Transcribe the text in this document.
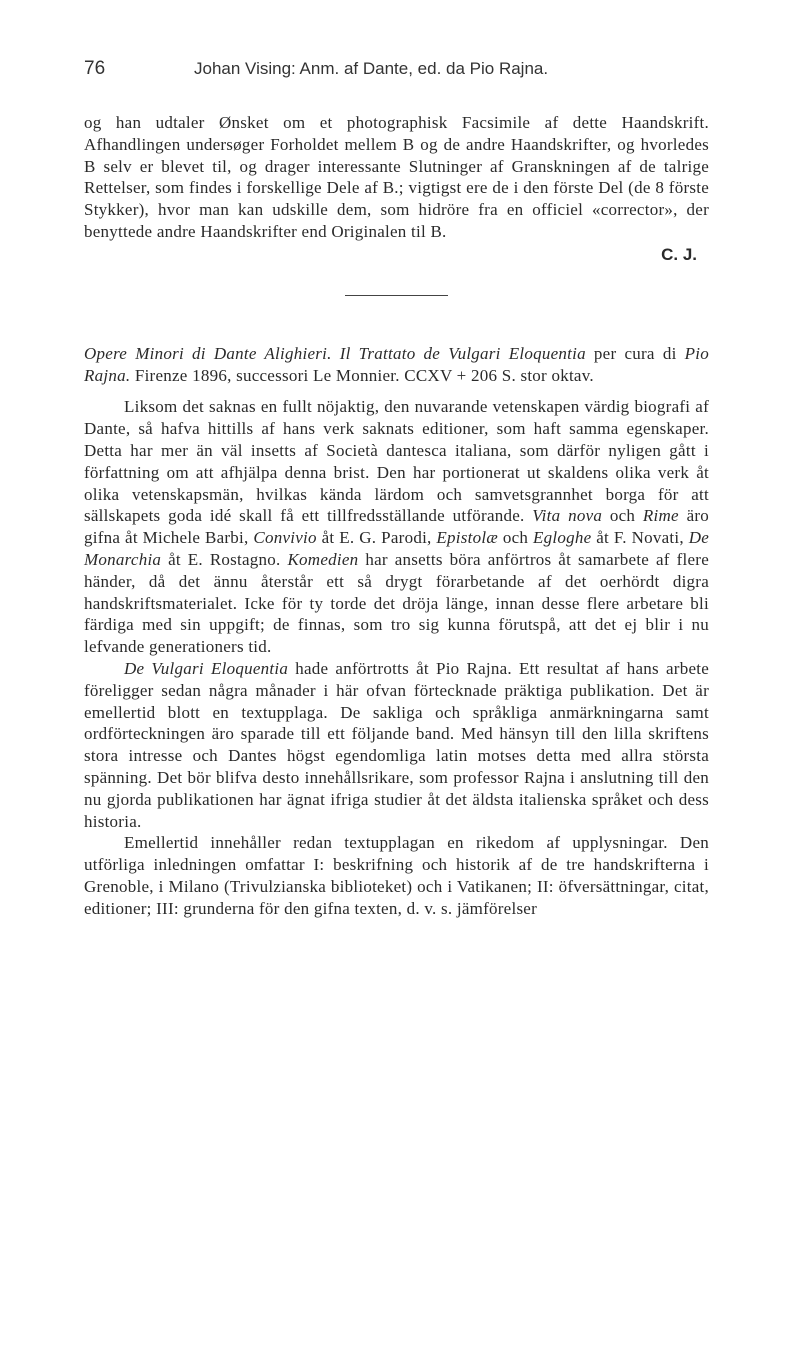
76	Johan Vising: Anm. af Dante, ed. da Pio Rajna.

og han udtaler Ønsket om et photographisk Facsimile af dette Haandskrift. Afhandlingen undersøger Forholdet mellem B og de andre Haandskrifter, og hvorledes B selv er blevet til, og drager interessante Slutninger af Granskningen af de talrige Rettelser, som findes i forskellige Dele af B.; vigtigst ere de i den förste Del (de 8 förste Stykker), hvor man kan udskille dem, som hidröre fra en officiel «corrector», der benyttede andre Haandskrifter end Originalen til B.

C. J.

Opere Minori di Dante Alighieri. Il Trattato de Vulgari Eloquentia per cura di Pio Rajna. Firenze 1896, successori Le Monnier. CCXV + 206 S. stor oktav.

Liksom det saknas en fullt nöjaktig, den nuvarande vetenskapen värdig biografi af Dante, så hafva hittills af hans verk saknats editioner, som haft samma egenskaper. Detta har mer än väl insetts af Società dantesca italiana, som därför nyligen gått i författning om att afhjälpa denna brist. Den har portionerat ut skaldens olika verk åt olika vetenskapsmän, hvilkas kända lärdom och samvetsgrannhet borga för att sällskapets goda idé skall få ett tillfredsställande utförande. Vita nova och Rime äro gifna åt Michele Barbi, Convivio åt E. G. Parodi, Epistolæ och Egloghe åt F. Novati, De Monarchia åt E. Rostagno. Komedien har ansetts böra anförtros åt samarbete af flere händer, då det ännu återstår ett så drygt förarbetande af det oerhördt digra handskriftsmaterialet. Icke för ty torde det dröja länge, innan desse flere arbetare bli färdiga med sin uppgift; de finnas, som tro sig kunna förutspå, att det ej blir i nu lefvande generationers tid.

De Vulgari Eloquentia hade anförtrotts åt Pio Rajna. Ett resultat af hans arbete föreligger sedan några månader i här ofvan förtecknade präktiga publikation. Det är emellertid blott en textupplaga. De sakliga och språkliga anmärkningarna samt ordförteckningen äro sparade till ett följande band. Med hänsyn till den lilla skriftens stora intresse och Dantes högst egendomliga latin motses detta med allra största spänning. Det bör blifva desto innehållsrikare, som professor Rajna i anslutning till den nu gjorda publikationen har ägnat ifriga studier åt det äldsta italienska språket och dess historia.

Emellertid innehåller redan textupplagan en rikedom af upplysningar. Den utförliga inledningen omfattar I: beskrifning och historik af de tre handskrifterna i Grenoble, i Milano (Trivulzianska biblioteket) och i Vatikanen; II: öfversättningar, citat, editioner; III: grunderna för den gifna texten, d. v. s. jämförelser
